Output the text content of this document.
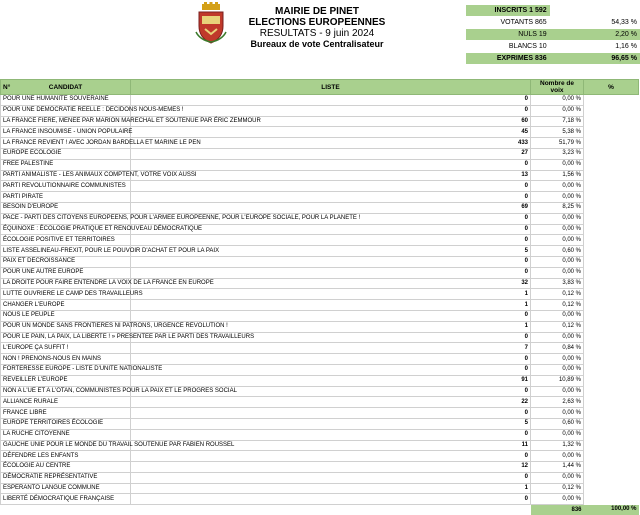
MAIRIE DE PINET
ELECTIONS EUROPEENNES
RESULTATS - 9 juin 2024
Bureaux de vote Centralisateur
INSCRITS 1 592	
VOTANTS 865	54,33 %
NULS 19	2,20 %
BLANCS 10	1,16 %
EXPRIMES 836	96,65 %
	CANDIDAT	LISTE	Nombre de voix	%
	POUR UNE HUMANITE SOUVERAINE	0	0,00 %	
	POUR UNE DEMOCRATIE REELLE : DECIDONS NOUS-MEMES !	0	0,00 %	
	LA FRANCE FIERE, MENEE PAR MARION MARECHAL ET SOUTENUE PAR ÉRIC ZEMMOUR	60	7,18 %	
	LA FRANCE INSOUMISE - UNION POPULAIRE	45	5,38 %	
	LA FRANCE REVIENT ! AVEC JORDAN BARDELLA ET MARINE LE PEN	433	51,79 %	
	EUROPE ECOLOGIE	27	3,23 %	
	FREE PALESTINE	0	0,00 %	
	PARTI ANIMALISTE - LES ANIMAUX COMPTENT, VOTRE VOIX AUSSI	13	1,56 %	
	PARTI REVOLUTIONNAIRE COMMUNISTES	0	0,00 %	
	PARTI PIRATE	0	0,00 %	
	BESOIN D'EUROPE	69	8,25 %	
	PACE - PARTI DES CITOYENS EUROPEENS, POUR L'ARMEE EUROPEENNE, POUR L'EUROPE SOCIALE, POUR LA PLANETE !	0	0,00 %	
	ÉQUINOXE : ÉCOLOGIE PRATIQUE ET RENOUVEAU DÉMOCRATIQUE	0	0,00 %	
	ÉCOLOGIE POSITIVE ET TERRITOIRES	0	0,00 %	
	LISTE ASSELINEAU-FREXIT, POUR LE POUVOIR D'ACHAT ET POUR LA PAIX	5	0,60 %	
	PAIX ET DECROISSANCE	0	0,00 %	
	POUR UNE AUTRE EUROPE	0	0,00 %	
	LA DROITE POUR FAIRE ENTENDRE LA VOIX DE LA FRANCE EN EUROPE	32	3,83 %	
	LUTTE OUVRIERE LE CAMP DES TRAVAILLEURS	1	0,12 %	
	CHANGER L'EUROPE	1	0,12 %	
	NOUS LE PEUPLE	0	0,00 %	
	POUR UN MONDE SANS FRONTIERES NI PATRONS, URGENCE REVOLUTION !	1	0,12 %	
	POUR LE PAIN, LA PAIX, LA LIBERTE ! » PRESENTEE PAR LE PARTI DES TRAVAILLEURS	0	0,00 %	
	L'EUROPE ÇA SUFFIT !	7	0,84 %	
	NON ! PRENONS-NOUS EN MAINS	0	0,00 %	
	FORTERESSE EUROPE - LISTE D'UNITE NATIONALISTE	0	0,00 %	
	REVEILLER L'EUROPE	91	10,89 %	
	NON A L'UE ET A L'OTAN, COMMUNISTES POUR LA PAIX ET LE PROGRES SOCIAL	0	0,00 %	
	ALLIANCE RURALE	22	2,63 %	
	FRANCE LIBRE	0	0,00 %	
	EUROPE TERRITOIRES ÉCOLOGIE	5	0,60 %	
	LA RUCHE CITOYENNE	0	0,00 %	
	GAUCHE UNIE POUR LE MONDE DU TRAVAIL SOUTENUE PAR FABIEN ROUSSEL	11	1,32 %	
	DÉFENDRE LES ENFANTS	0	0,00 %	
	ÉCOLOGIE AU CENTRE	12	1,44 %	
	DÉMOCRATIE REPRÉSENTATIVE	0	0,00 %	
	ESPERANTO LANGUE COMMUNE	1	0,12 %	
	LIBERTÉ DÉMOCRATIQUE FRANÇAISE	0	0,00 %	
			836	100,00 %
